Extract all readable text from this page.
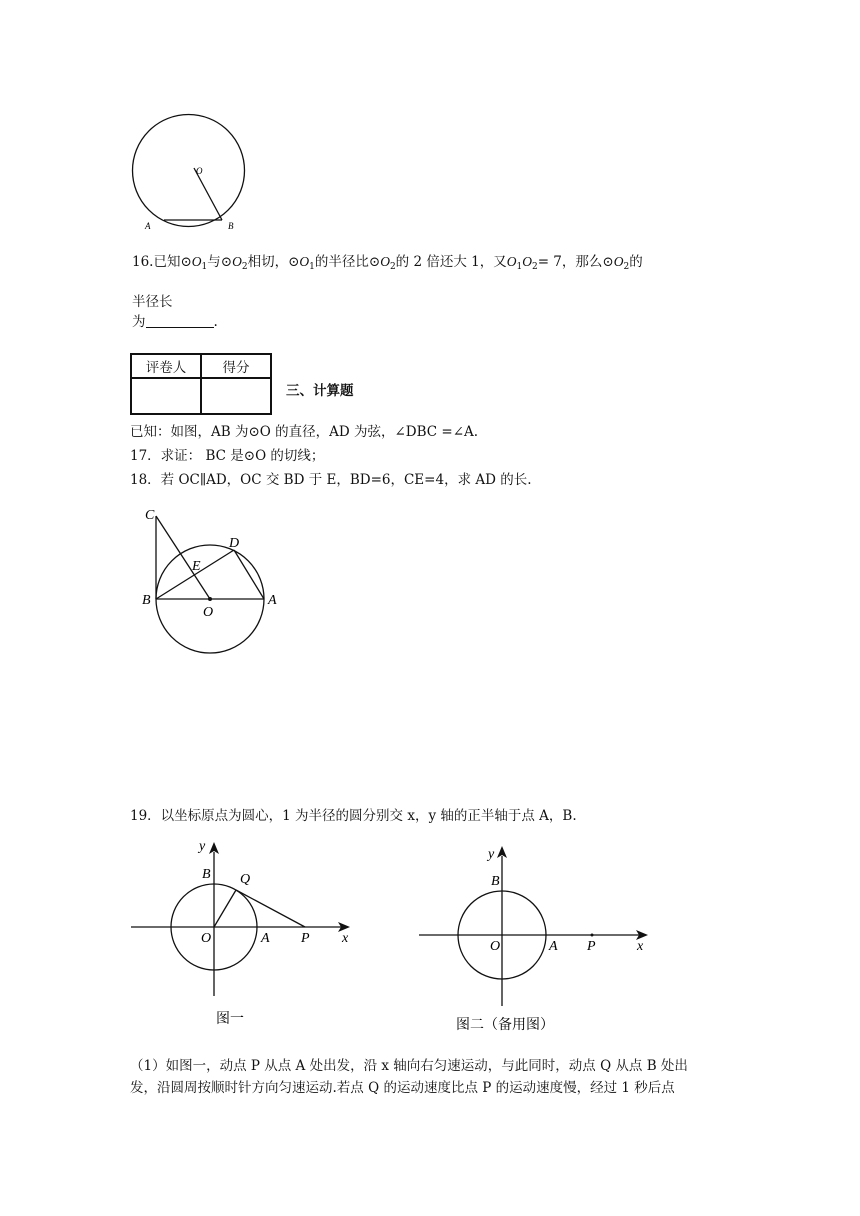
O
A	B
16.已知$⊙O_1$与$⊙O_2$相切，$⊙O_1$的半径比$⊙O_2$的 2 倍还大 1，又$O_1O_2= 7$，那么$⊙O_2$的
半径长
为	.
评卷人	得分

三、计算题
已知：如图，AB 为⊙O 的直径，AD 为弦，∠DBC =∠A.
17．求证： BC 是⊙O 的切线；
18．若 OC∥AD，OC 交 BD 于 E，BD=6，CE=4，求 AD 的长.
C
D
E
B
O
A
19．以坐标原点为圆心，1 为半径的圆分别交 x，y 轴的正半轴于点 A，B.
y
B Q
O	A P x
图一
y
B
O	A P	x
图二（备用图）
（1）如图一，动点 P 从点 A 处出发，沿 x 轴向右匀速运动，与此同时，动点 Q 从点 B 处出
发，沿圆周按顺时针方向匀速运动.若点 Q 的运动速度比点 P 的运动速度慢，经过 1 秒后点
